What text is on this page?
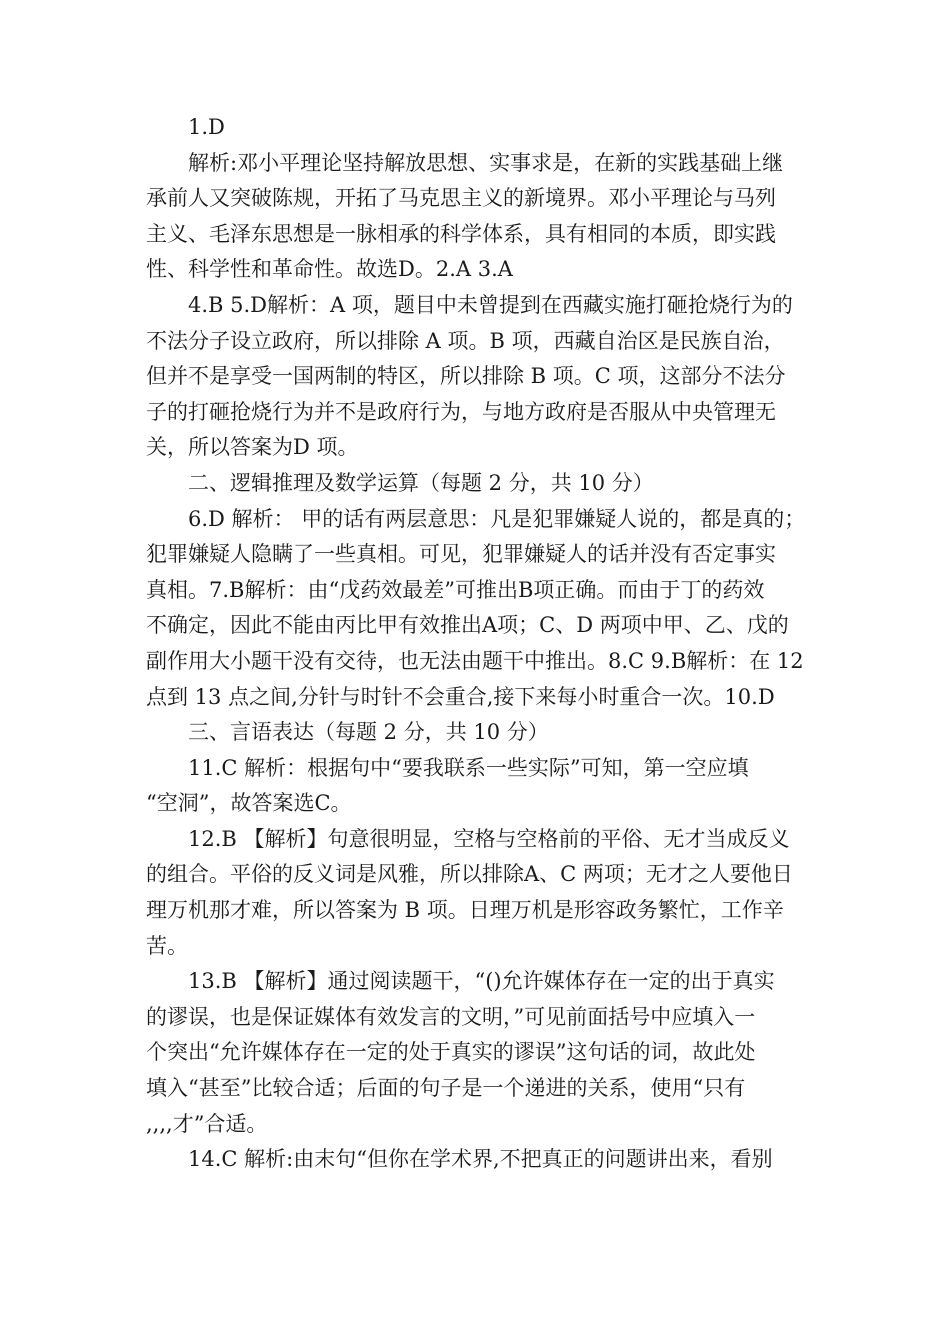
1.D
解析:邓小平理论坚持解放思想、实事求是，在新的实践基础上继
承前人又突破陈规，开拓了马克思主义的新境界。邓小平理论与马列
主义、毛泽东思想是一脉相承的科学体系，具有相同的本质，即实践
性、科学性和革命性。故选D。2.A 3.A
4.B 5.D解析：A 项，题目中未曾提到在西藏实施打砸抢烧行为的
不法分子设立政府，所以排除 A 项。B 项，西藏自治区是民族自治，
但并不是享受一国两制的特区，所以排除 B 项。C 项，这部分不法分
子的打砸抢烧行为并不是政府行为，与地方政府是否服从中央管理无
关，所以答案为D 项。
二、逻辑推理及数学运算（每题 2 分，共 10 分）
6.D 解析： 甲的话有两层意思：凡是犯罪嫌疑人说的，都是真的；
犯罪嫌疑人隐瞒了一些真相。可见，犯罪嫌疑人的话并没有否定事实
真相。7.B解析：由“戊药效最差”可推出B项正确。而由于丁的药效
不确定，因此不能由丙比甲有效推出A项；C、D 两项中甲、乙、戊的
副作用大小题干没有交待，也无法由题干中推出。8.C 9.B解析：在 12
点到 13 点之间,分针与时针不会重合,接下来每小时重合一次。10.D
三、言语表达（每题 2 分，共 10 分）
11.C 解析：根据句中“要我联系一些实际”可知，第一空应填
“空洞”，故答案选C。
12.B 【解析】句意很明显，空格与空格前的平俗、无才当成反义
的组合。平俗的反义词是风雅，所以排除A、C 两项；无才之人要他日
理万机那才难，所以答案为 B 项。日理万机是形容政务繁忙，工作辛
苦。
13.B 【解析】通过阅读题干，“()允许媒体存在一定的出于真实
的谬误，也是保证媒体有效发言的文明，”可见前面括号中应填入一
个突出“允许媒体存在一定的处于真实的谬误”这句话的词，故此处
填入“甚至”比较合适；后面的句子是一个递进的关系，使用“只有
,,,,才”合适。
14.C 解析:由末句“但你在学术界,不把真正的问题讲出来，看别
